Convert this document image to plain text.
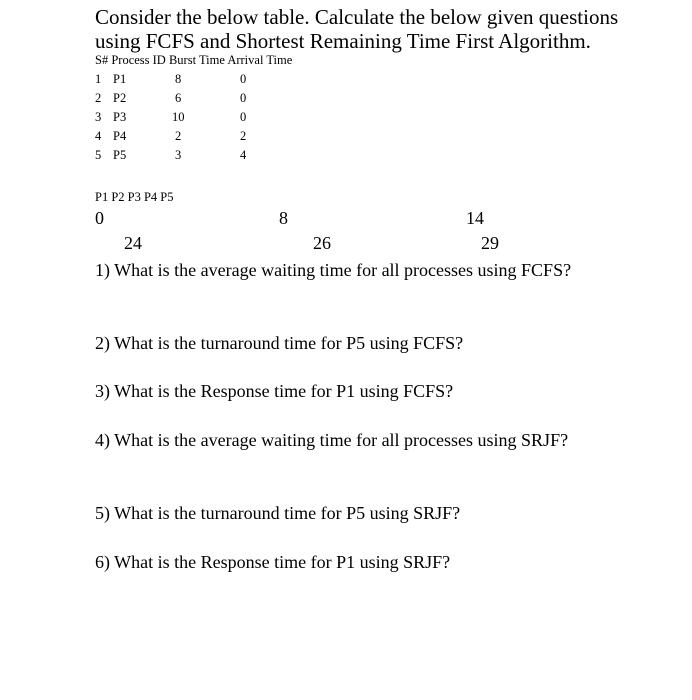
Consider the below table. Calculate the below given questions using FCFS and Shortest Remaining Time First Algorithm.
S# Process ID Burst Time Arrival Time
1 P1	8	0
2 P2	6	0
3 P3	10	0
4 P4	2	2
5 P5	3	4
P1 P2 P3 P4 P5
0	8	14
24	26	29
1) What is the average waiting time for all processes using FCFS?
2) What is the turnaround time for P5 using FCFS?
3) What is the Response time for P1 using FCFS?
4) What is the average waiting time for all processes using SRJF?
5) What is the turnaround time for P5 using SRJF?
6) What is the Response time for P1 using SRJF?
